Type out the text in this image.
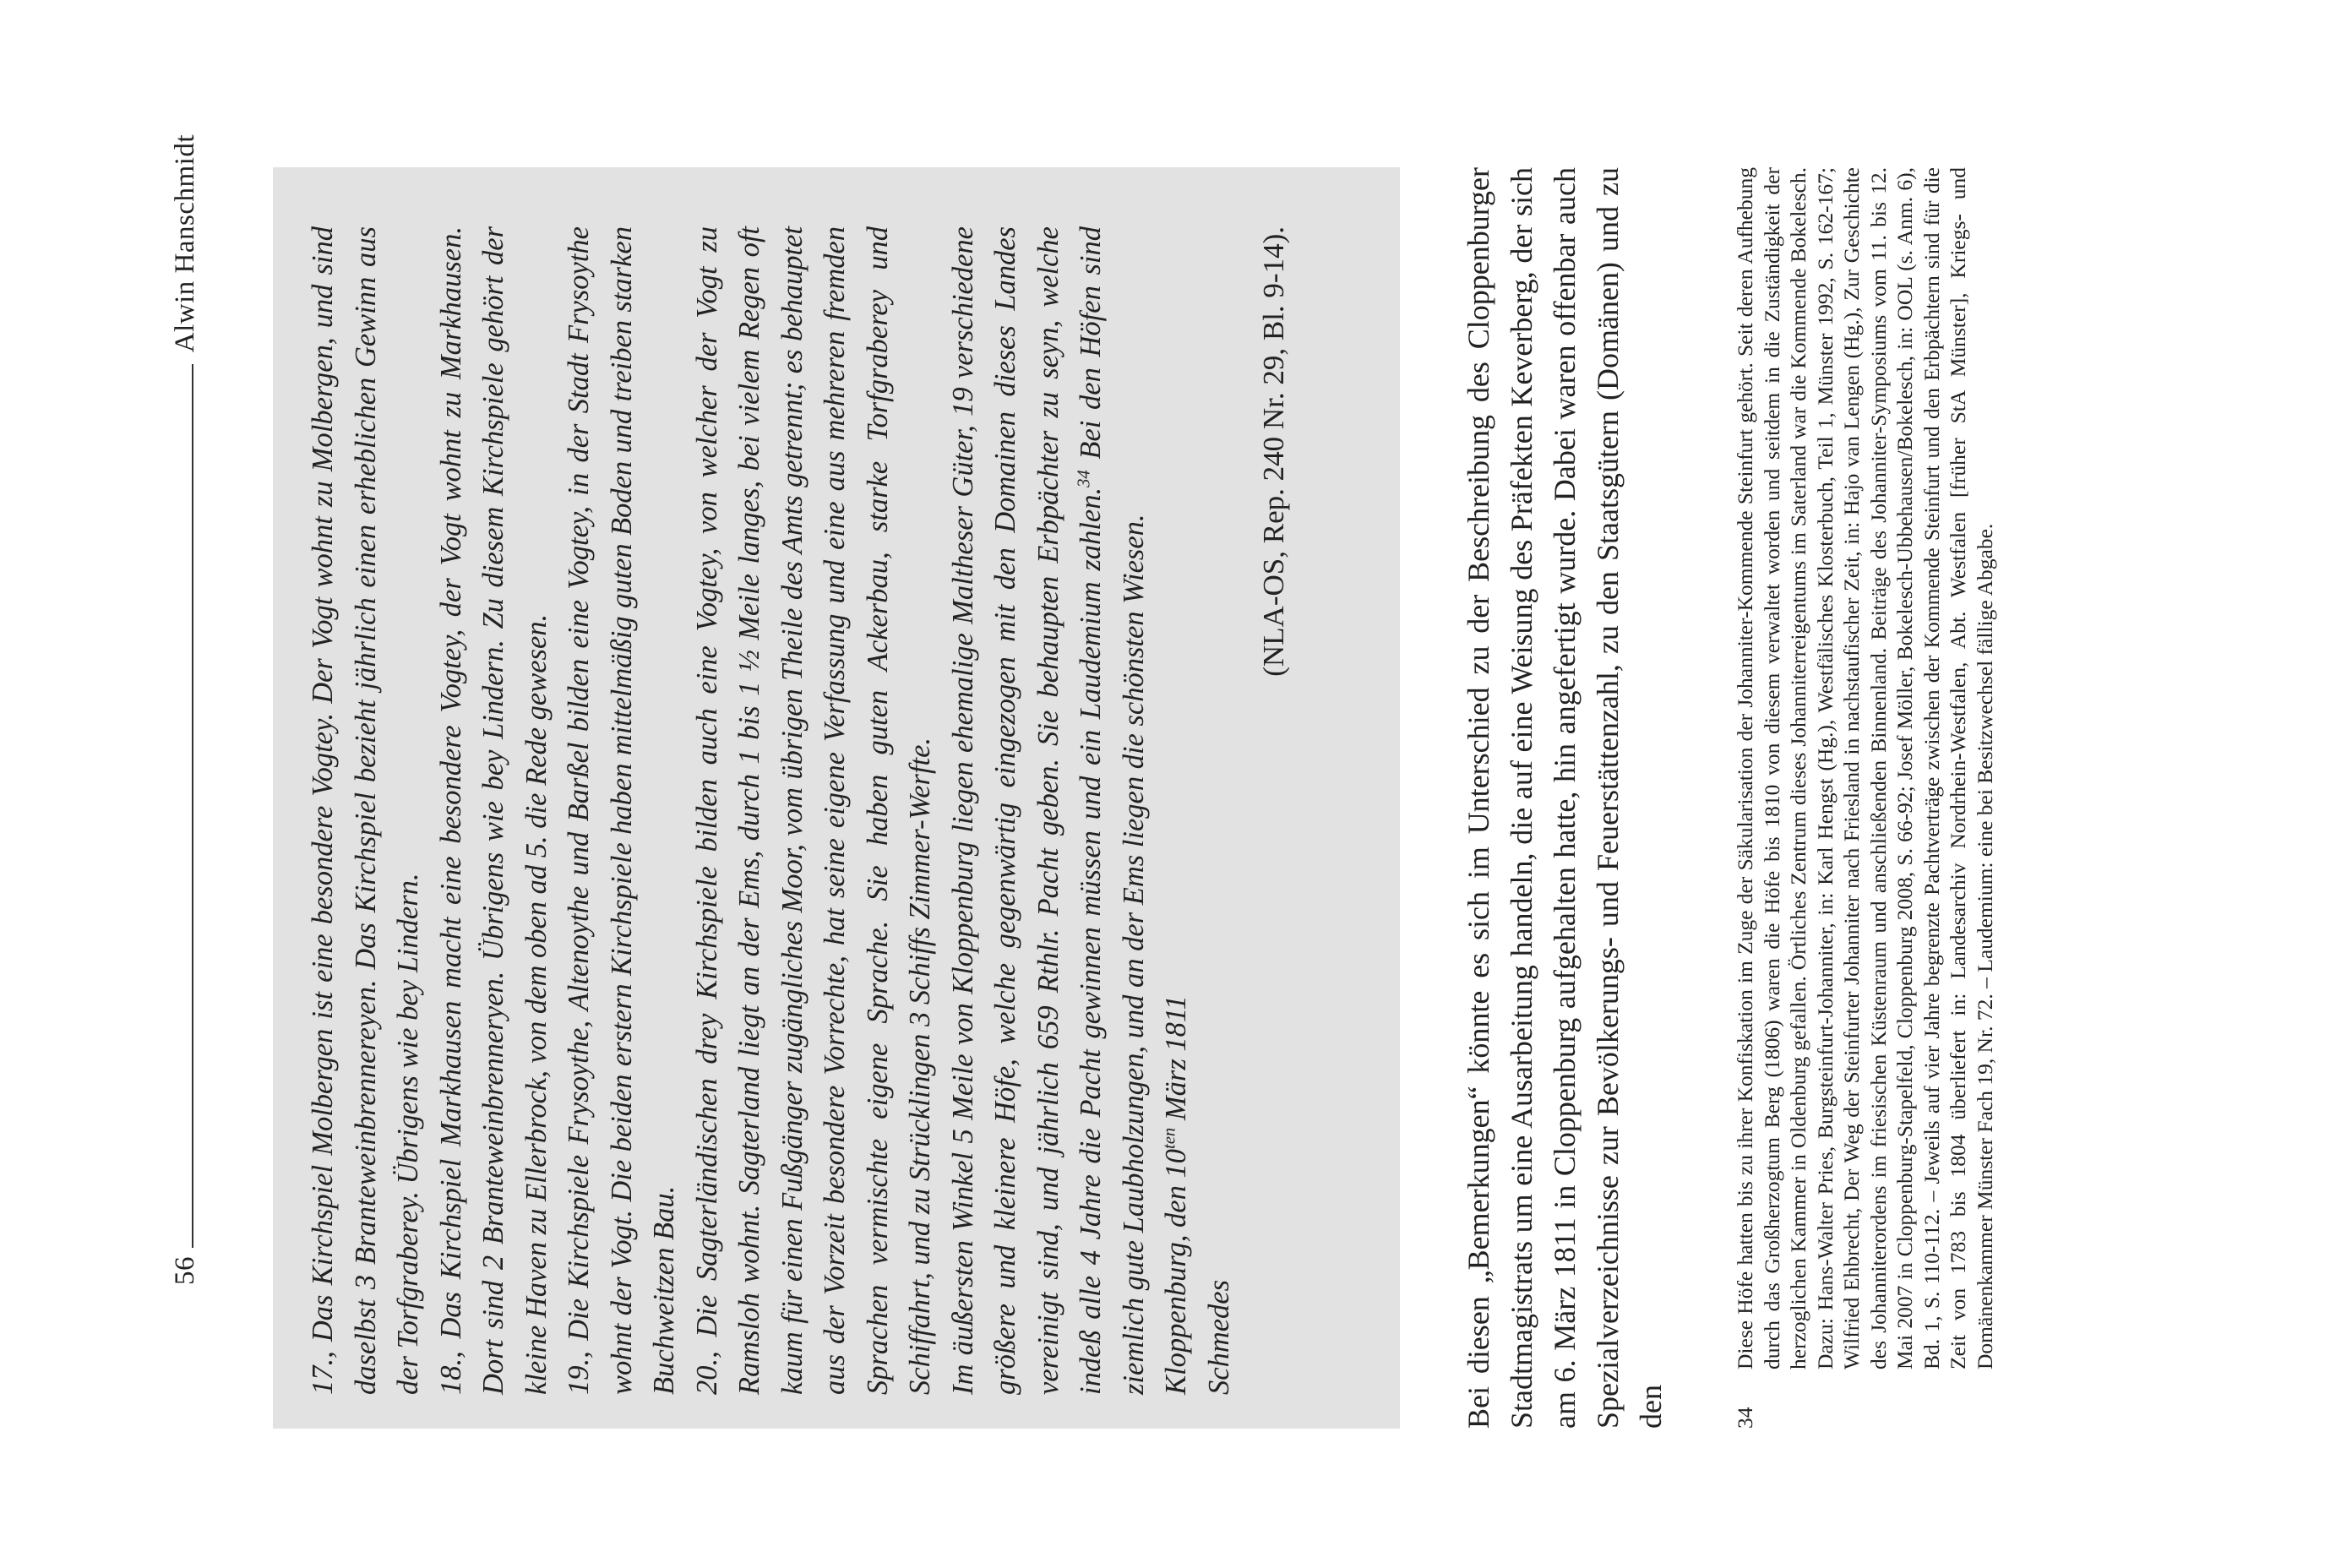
56
Alwin Hanschmidt	17., Das Kirchspiel Molbergen ist eine besondere Vogtey. Der Vogt wohnt zu Molbergen, und sind daselbst 3 Branteweinbrennereyen. Das Kirchspiel bezieht jährlich einen erheblichen Gewinn aus der Torfgraberey. Übrigens wie bey Lindern. 18., Das Kirchspiel Markhausen macht eine besondere Vogtey, der Vogt wohnt zu Markhausen. Dort sind 2 Branteweinbrenneryen. Übrigens wie bey Lindern. Zu diesem Kirchspiele gehört der kleine Haven zu Ellerbrock, von dem oben ad 5. die Rede gewesen. 19., Die Kirchspiele Frysoythe, Altenoythe und Barßel bilden eine Vogtey, in der Stadt Frysoythe wohnt der Vogt. Die beiden erstern Kirchspiele haben mittelmäßig guten Boden und treiben starken Buchweitzen Bau. 20., Die Sagterländischen drey Kirchspiele bilden auch eine Vogtey, von welcher der Vogt zu Ramsloh wohnt. Sagterland liegt an der Ems, durch 1 bis 1 ½ Meile langes, bei vielem Regen oft kaum für einen Fußgänger zugängliches Moor, vom übrigen Theile des Amts getrennt; es behauptet aus der Vorzeit besondere Vorrechte, hat seine eigene Verfassung und eine aus mehreren fremden Sprachen vermischte eigene Sprache. Sie haben guten Ackerbau, starke Torfgraberey und Schiffahrt, und zu Strücklingen 3 Schiffs Zimmer-Werfte. Im äußersten Winkel 5 Meile von Kloppenburg liegen ehemalige Maltheser Güter, 19 verschiedene größere und kleinere Höfe, welche gegenwärtig eingezogen mit den Domainen dieses Landes vereinigt sind, und jährlich 659 Rthlr. Pacht geben. Sie behaupten Erbpächter zu seyn, welche indeß alle 4 Jahre die Pacht gewinnen müssen und ein Laudemium zahlen.$^{34}$ Bei den Höfen sind ziemlich gute Laubholzungen, und an der Ems liegen die schönsten Wiesen. Kloppenburg, den $10^{ten}$ März 1811

Schmedes

(NLA-OS, Rep. 240 Nr. 29, Bl. 9-14).	Bei diesen „Bemerkungen“ könnte es sich im Unterschied zu der Beschreibung des Cloppenburger Stadtmagistrats um eine Ausarbeitung handeln, die auf eine Weisung des Präfekten Keverberg, der sich am 6. März 1811 in Cloppenburg aufgehalten hatte, hin angefertigt wurde. Dabei waren offenbar auch Spezialverzeichnisse zur Bevölkerungs- und Feuerstättenzahl, zu den Staatsgütern (Domänen) und zu den	34
Diese Höfe hatten bis zu ihrer Konfiskation im Zuge der Säkularisation der Johanniter-Kommende Steinfurt gehört. Seit deren Aufhebung durch das Großherzogtum Berg (1806) waren die Höfe bis 1810 von diesem verwaltet worden und seitdem in die Zuständigkeit der herzoglichen Kammer in Oldenburg gefallen. Örtliches Zentrum dieses Johanniterreigentums im Saterland war die Kommende Bokelesch. Dazu: Hans-Walter Pries, Burgsteinfurt-Johanniter, in: Karl Hengst (Hg.), Westfälisches Klosterbuch, Teil 1, Münster 1992, S. 162-167; Wilfried Ehbrecht, Der Weg der Steinfurter Johanniter nach Friesland in nachstaufischer Zeit, in: Hajo van Lengen (Hg.), Zur Geschichte des Johanniterordens im friesischen Küstenraum und anschließenden Binnenland. Beiträge des Johanniter-Symposiums vom 11. bis 12. Mai 2007 in Cloppenburg-Stapelfeld, Cloppenburg 2008, S. 66-92; Josef Möller, Bokelesch-Ubbehausen/Bokelesch, in: OOL (s. Anm. 6), Bd. 1, S. 110-112. – Jeweils auf vier Jahre begrenzte Pachtverträge zwischen der Kommende Steinfurt und den Erbpächtern sind für die Zeit von 1783 bis 1804 überliefert in: Landesarchiv Nordrhein-Westfalen, Abt. Westfalen [früher StA Münster], Kriegs- und Domänenkammer Münster Fach 19, Nr. 72. – Laudemium: eine bei Besitzwechsel fällige Abgabe.
